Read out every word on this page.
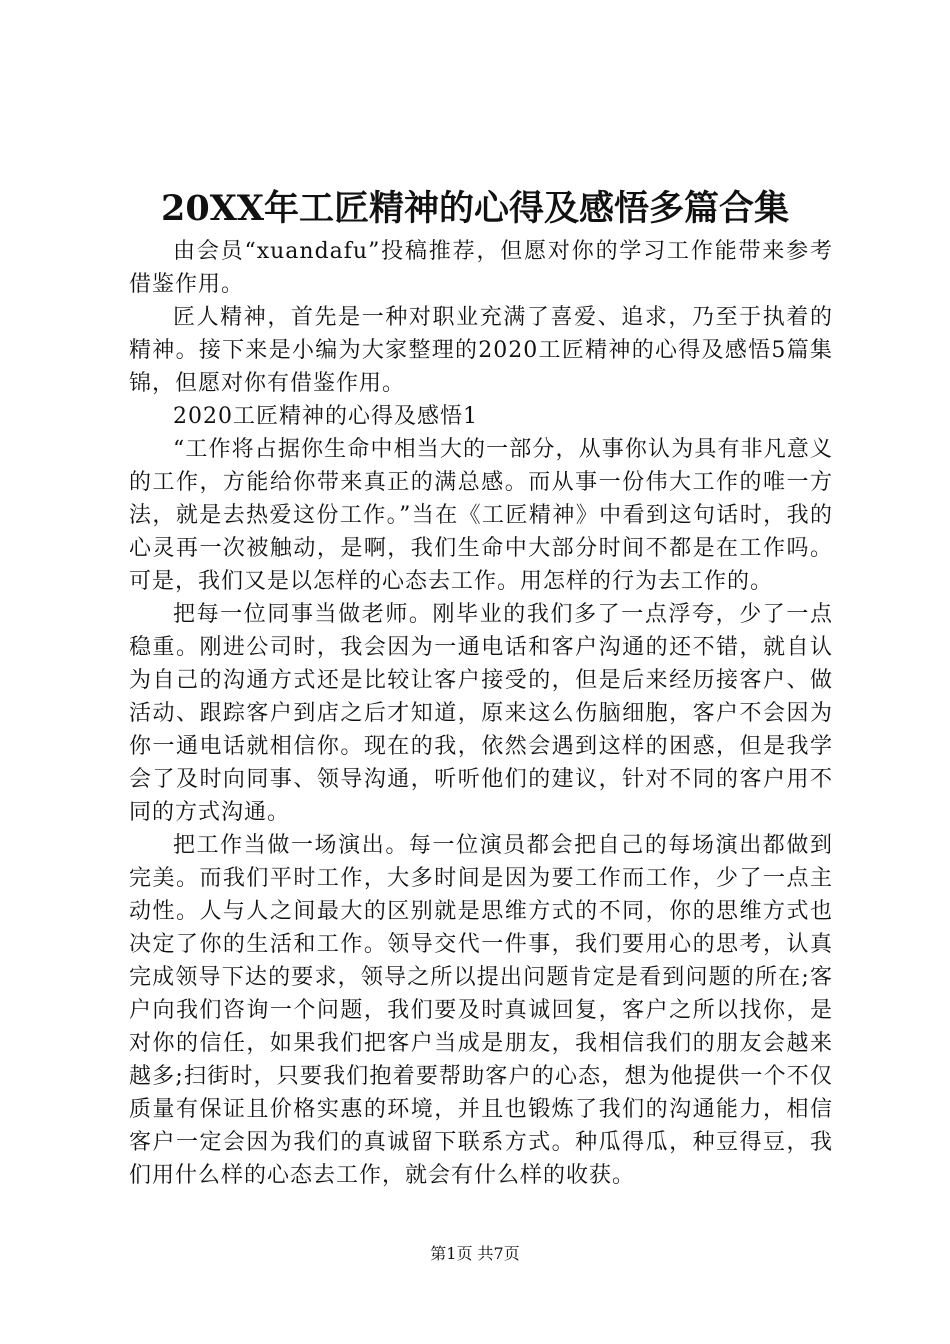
20XX年工匠精神的心得及感悟多篇合集

由会员“xuandafu”投稿推荐，但愿对你的学习工作能带来参考借鉴作用。

匠人精神，首先是一种对职业充满了喜爱、追求，乃至于执着的精神。接下来是小编为大家整理的2020工匠精神的心得及感悟5篇集锦，但愿对你有借鉴作用。

2020工匠精神的心得及感悟1

“工作将占据你生命中相当大的一部分，从事你认为具有非凡意义的工作，方能给你带来真正的满总感。而从事一份伟大工作的唯一方法，就是去热爱这份工作。”当在《工匠精神》中看到这句话时，我的心灵再一次被触动，是啊，我们生命中大部分时间不都是在工作吗。可是，我们又是以怎样的心态去工作。用怎样的行为去工作的。

把每一位同事当做老师。刚毕业的我们多了一点浮夸，少了一点稳重。刚进公司时，我会因为一通电话和客户沟通的还不错，就自认为自己的沟通方式还是比较让客户接受的，但是后来经历接客户、做活动、跟踪客户到店之后才知道，原来这么伤脑细胞，客户不会因为你一通电话就相信你。现在的我，依然会遇到这样的困惑，但是我学会了及时向同事、领导沟通，听听他们的建议，针对不同的客户用不同的方式沟通。

把工作当做一场演出。每一位演员都会把自己的每场演出都做到完美。而我们平时工作，大多时间是因为要工作而工作，少了一点主动性。人与人之间最大的区别就是思维方式的不同，你的思维方式也决定了你的生活和工作。领导交代一件事，我们要用心的思考，认真完成领导下达的要求，领导之所以提出问题肯定是看到问题的所在;客户向我们咨询一个问题，我们要及时真诚回复，客户之所以找你，是对你的信任，如果我们把客户当成是朋友，我相信我们的朋友会越来越多;扫街时，只要我们抱着要帮助客户的心态，想为他提供一个不仅质量有保证且价格实惠的环境，并且也锻炼了我们的沟通能力，相信客户一定会因为我们的真诚留下联系方式。种瓜得瓜，种豆得豆，我们用什么样的心态去工作，就会有什么样的收获。

第1页 共7页
